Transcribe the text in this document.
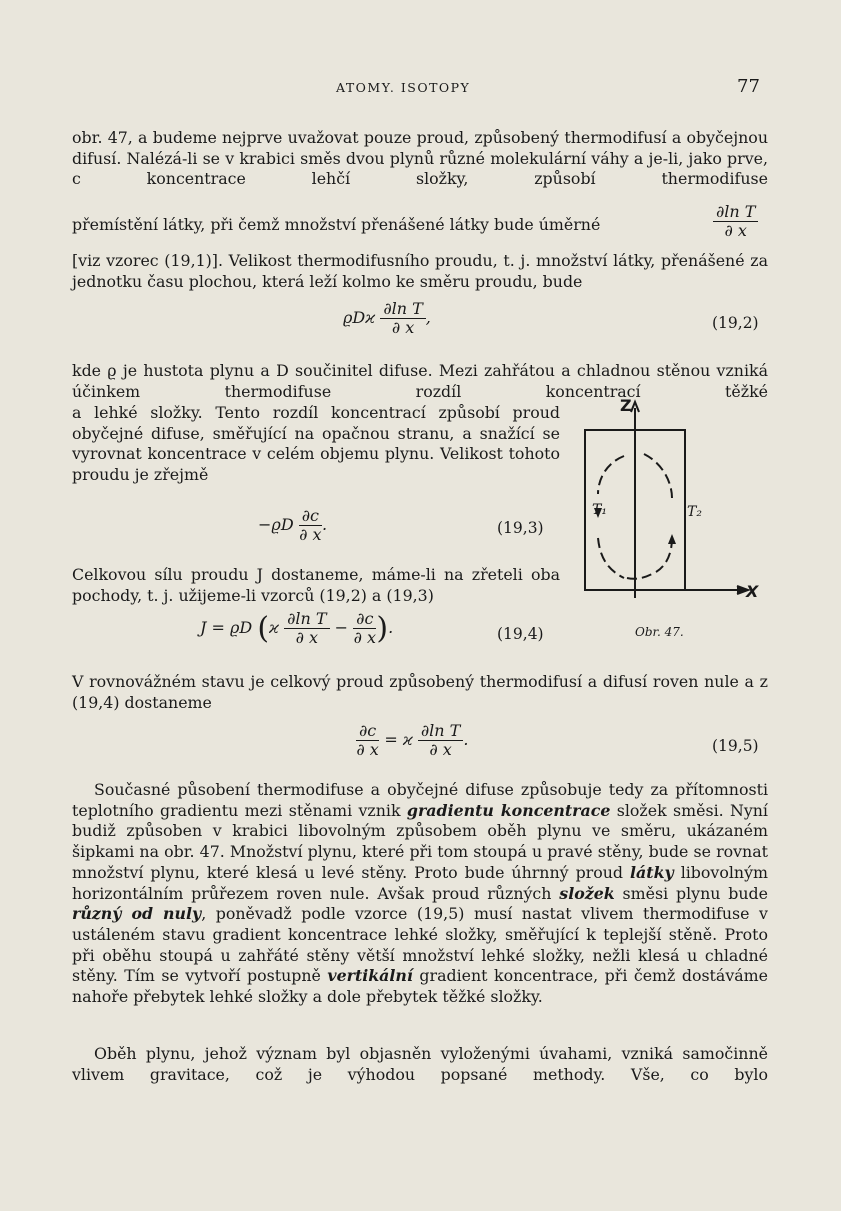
ATOMY. ISOTOPY	77
obr. 47, a budeme nejprve uvažovat pouze proud, způsobený thermodifusí a obyčejnou difusí. Nalézá-li se v krabici směs dvou plynů různé molekulární váhy a je-li, jako prve, c koncentrace lehčí složky, způsobí thermodifuse
přemístění látky, při čemž množství přenášené látky bude úměrné	$\frac{\text{∂ln T}}{\partial x}$
[viz vzorec (19,1)]. Velikost thermodifusního proudu, t. j. množství látky, přenášené za jednotku času plochou, která leží kolmo ke směru proudu, bude
ϱDϰ $\frac{\text{∂ln T}}{\partial x}$ ,	(19,2)
kde ϱ je hustota plynu a D součinitel difuse. Mezi zahřátou a chladnou stěnou vzniká účinkem thermodifuse rozdíl koncentrací těžké
a lehké složky. Tento rozdíl koncentrací způsobí proud obyčejné difuse, směřující na opačnou stranu, a snažící se vyrovnat koncentrace v celém objemu plynu. Velikost tohoto proudu je zřejmě
$-ϱD \frac{\partial c}{\partial x}$ .	(19,3)
Celkovou sílu proudu J dostaneme, máme-li na zřeteli oba pochody, t. j. užijeme-li vzorců (19,2) a (19,3)
J = ϱD ($ϰ \frac{\text{∂ln T}}{\partial x} - \frac{\partial c}{\partial x}$ ).	(19,4)
Z
X
T₁	T₂
Obr. 47.
V rovnovážném stavu je celkový proud způsobený thermodifusí a difusí roven nule a z (19,4) dostaneme
$\frac{\partial c}{\partial x} = ϰ \frac{\text{∂ln T}}{\partial x}$ .	(19,5)
Současné působení thermodifuse a obyčejné difuse způsobuje tedy za přítomnosti teplotního gradientu mezi stěnami vznik gradientu koncentrace složek směsi. Nyní budiž způsoben v krabici libovolným způsobem oběh plynu ve směru, ukázaném šipkami na obr. 47. Množství plynu, které při tom stoupá u pravé stěny, bude se rovnat množství plynu, které klesá u levé stěny. Proto bude úhrnný proud látky libovolným horizontálním průřezem roven nule. Avšak proud různých složek směsi plynu bude různý od nuly, poněvadž podle vzorce (19,5) musí nastat vlivem thermodifuse v ustáleném stavu gradient koncentrace lehké složky, směřující k teplejší stěně. Proto při oběhu stoupá u zahřáté stěny větší množství lehké složky, nežli klesá u chladné stěny. Tím se vytvoří postupně vertikální gradient koncentrace, při čemž dostáváme nahoře přebytek lehké složky a dole přebytek těžké složky.
Oběh plynu, jehož význam byl objasněn vyloženými úvahami, vzniká samočinně vlivem gravitace, což je výhodou popsané methody. Vše, co bylo
